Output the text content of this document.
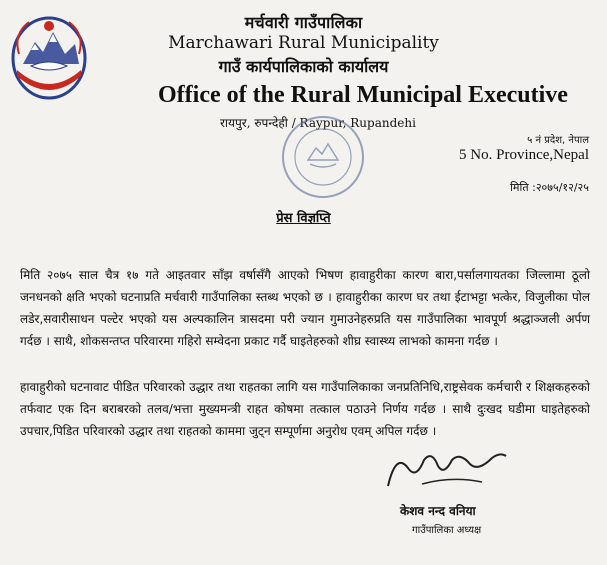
मर्चवारी गाउँपालिका
Marchawari Rural Municipality
गाउँ कार्यपालिकाको कार्यालय
Office of the Rural Municipal Executive
रायपुर, रुपन्देही / Raypur, Rupandehi
५ नं प्रदेश, नेपाल
5 No. Province,Nepal
मिति :२०७५/१२/२५
प्रेस विज्ञप्ति

मिति २०७५ साल चैत्र १७ गते आइतवार साँझ वर्षासँगै आएको भिषण हावाहुरीका कारण बारा,पर्सालगायतका जिल्लामा ठूलो जनधनको क्षति भएको घटनाप्रति मर्चवारी गाउँपालिका स्तब्ध भएको छ । हावाहुरीका कारण घर तथा ईटाभट्टा भत्केर, विजुलीका पोल लडेर,सवारीसाधन पल्टेर भएको यस अल्पकालिन त्रासदमा परी ज्यान गुमाउनेहरुप्रति यस गाउँपालिका भावपूर्ण श्रद्धाञ्जली अर्पण गर्दछ । साथै, शोकसन्तप्त परिवारमा गहिरो सम्वेदना प्रकाट गर्दै घाइतेहरुको शीघ्र स्वास्थ्य लाभको कामना गर्दछ ।

हावाहुरीको घटनावाट पीडित परिवारको उद्धार तथा राहतका लागि यस गाउँपालिकाका जनप्रतिनिधि,राष्ट्रसेवक कर्मचारी र शिक्षकहरुको तर्फवाट एक दिन बराबरको तलव/भत्ता मुख्यमन्त्री राहत कोषमा तत्काल पठाउने निर्णय गर्दछ । साथै दुःखद घडीमा घाइतेहरुको उपचार,पिडित परिवारको उद्धार तथा राहतको काममा जुट्न सम्पूर्णमा अनुरोध एवम् अपिल गर्दछ ।

केशव नन्द वनिया
गाउँपालिका अध्यक्ष
